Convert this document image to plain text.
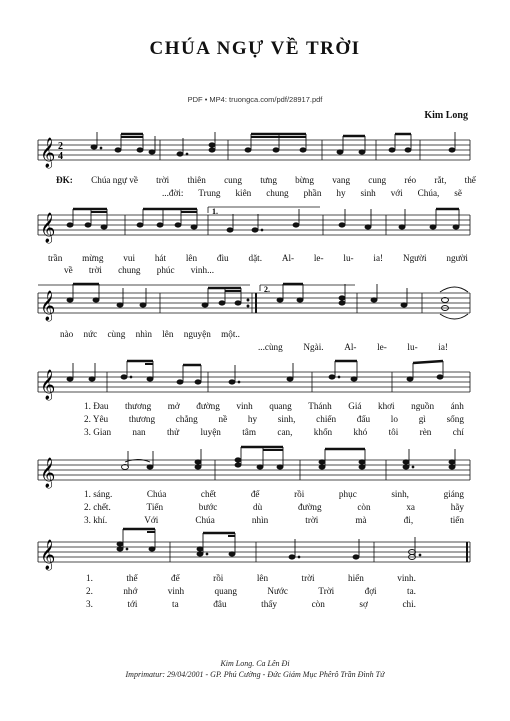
CHÚA NGỰ VỀ TRỜI
PDF • MP4: truongca.com/pdf/28917.pdf
Kim Long
𝄞 2
4
ĐK: Chúa ngự về trời thiên cung tưng bừng vang cung réo rắt, thế
...đời: Trung kiên chung phần hy sinh với Chúa, sẽ
1.
𝄞
trần mừng vui hát lên đìu dặt. Al- le- lu- ia! Người người
về trời chung phúc vinh...
2.
𝄞
nào nức cùng nhìn lên nguyện một..
...cùng Ngài. Al- le- lu- ia!
𝄞
1. Đau thương mở đường vinh quang Thánh Giá khơi nguồn ánh
2. Yêu thương chẳng nề hy sinh, chiến đấu lo gì sống
3. Gian nan thử luyện tâm can, khốn khó tôi rèn chí
𝄞
1. sáng.	Chúa	chết	để	rồi	phục	sinh,	giáng
2. chết.	Tiến	bước	dù	đường	còn	xa	hãy
3. khí.	Với	Chúa	nhìn	trời	mà	đi,	tiến
𝄞
1.	thế	để	rồi	lên	trời	hiển	vinh.
2.	nhớ	vinh	quang	Nước	Trời	đợi	ta.
3.	tới	ta	đâu	thấy	còn	sợ	chi.
Kim Long. Ca Lên Đi
Imprimatur: 29/04/2001 - GP. Phú Cường - Đức Giám Mục Phêrô Trần Đình Tứ
